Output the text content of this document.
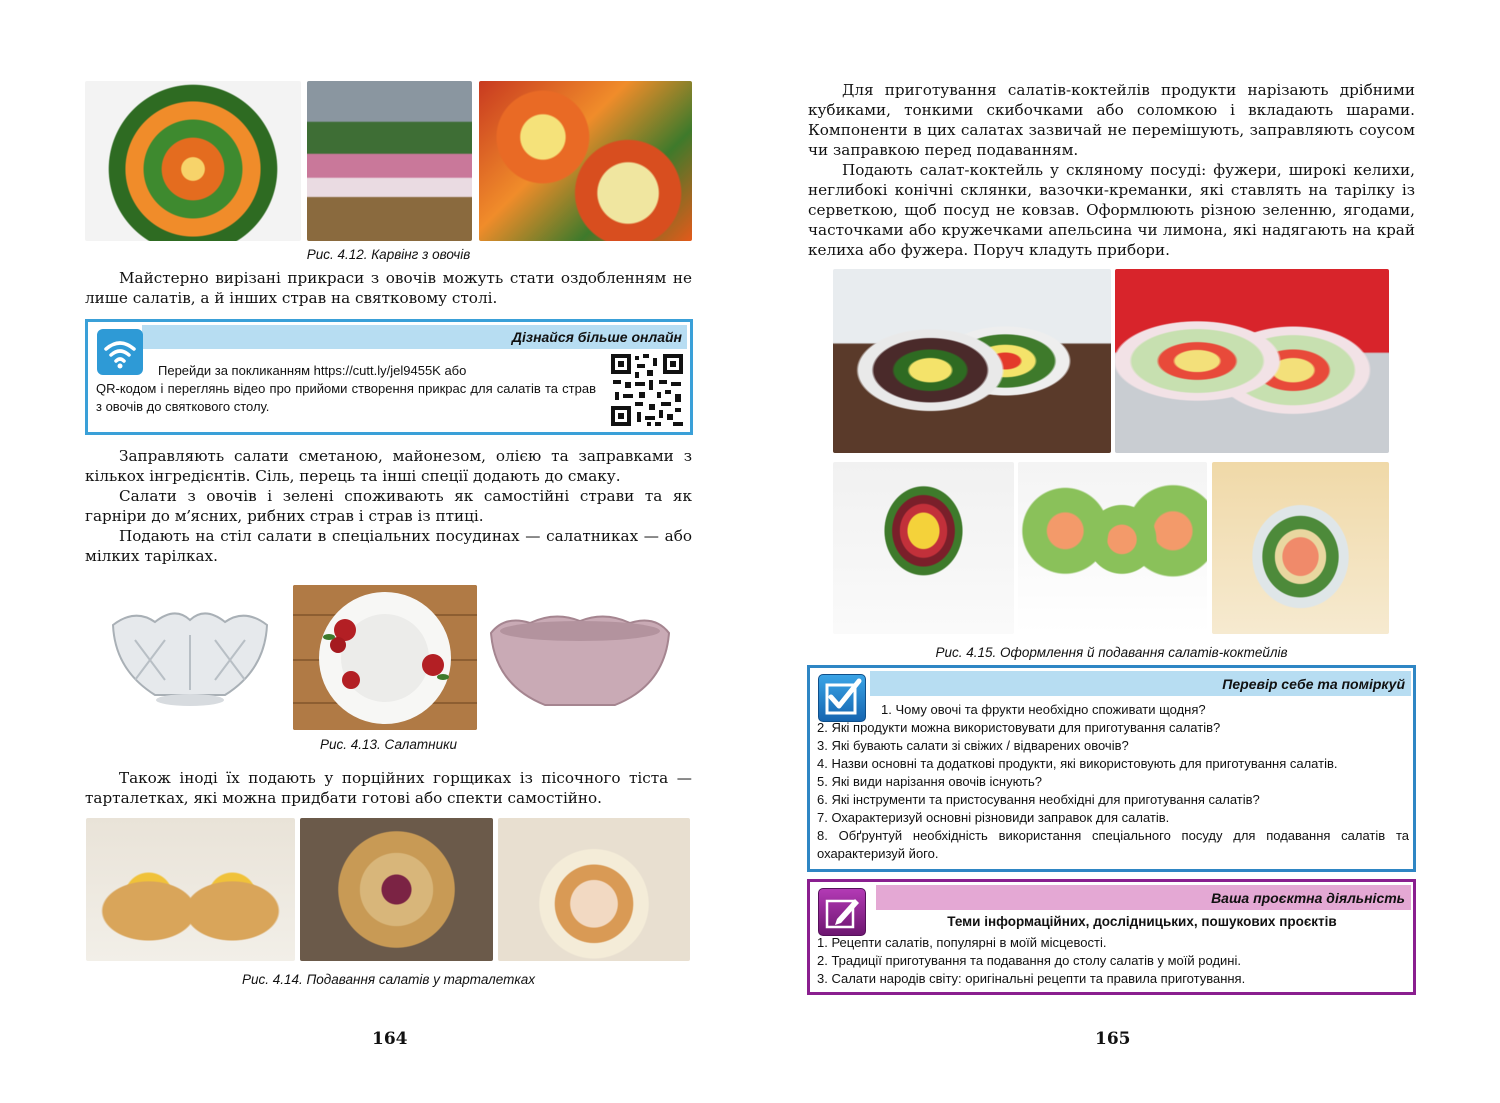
Рис. 4.12. Карвінг з овочів

Майстерно вирізані прикраси з овочів можуть стати оздобленням не лише салатів, а й інших страв на святковому столі.

Дізнайся більше онлайн
Перейди за покликанням https://cutt.ly/jel9455K або
QR-кодом і переглянь відео про прийоми створення прикрас для салатів та страв з овочів до святкового столу.

Заправляють салати сметаною, майонезом, олією та заправками з кількох інгредієнтів. Сіль, перець та інші спеції додають до смаку.

Салати з овочів і зелені споживають як самостійні страви та як гарніри до м՚ясних, рибних страв і страв із птиці.

Подають на стіл салати в спеціальних посудинах — салатниках — або мілких тарілках.

Рис. 4.13. Салатники

Також іноді їх подають у порційних горщиках із пісочного тіста — тарталетках, які можна придбати готові або спекти самостійно.

Рис. 4.14. Подавання салатів у тарталетках
164

Для приготування салатів-коктейлів продукти нарізають дрібними кубиками, тонкими скибочками або соломкою і вкладають шарами. Компоненти в цих салатах зазвичай не перемішують, заправляють соусом чи заправкою перед подаванням.

Подають салат-коктейль у скляному посуді: фужери, широкі келихи, неглибокі конічні склянки, вазочки-креманки, які ставлять на тарілку із серветкою, щоб посуд не ковзав. Оформлюють різною зеленню, ягодами, часточками або кружечками апельсина чи лимона, які надягають на край келиха або фужера. Поруч кладуть прибори.

Рис. 4.15. Оформлення й подавання салатів-коктейлів
Перевір себе та поміркуй
1. Чому овочі та фрукти необхідно споживати щодня?
2. Які продукти можна використовувати для приготування салатів?
3. Які бувають салати зі свіжих / відварених овочів?
4. Назви основні та додаткові продукти, які використовують для приготування салатів.
5. Які види нарізання овочів існують?
6. Які інструменти та пристосування необхідні для приготування салатів?
7. Охарактеризуй основні різновиди заправок для салатів.
8. Обґрунтуй необхідність використання спеціального посуду для подавання салатів та охарактеризуй його.
Ваша проєктна діяльність
Теми інформаційних, дослідницьких, пошукових проєктів
1. Рецепти салатів, популярні в моїй місцевості.
2. Традиції приготування та подавання до столу салатів у моїй родині.
3. Салати народів світу: оригінальні рецепти та правила приготування.
165
